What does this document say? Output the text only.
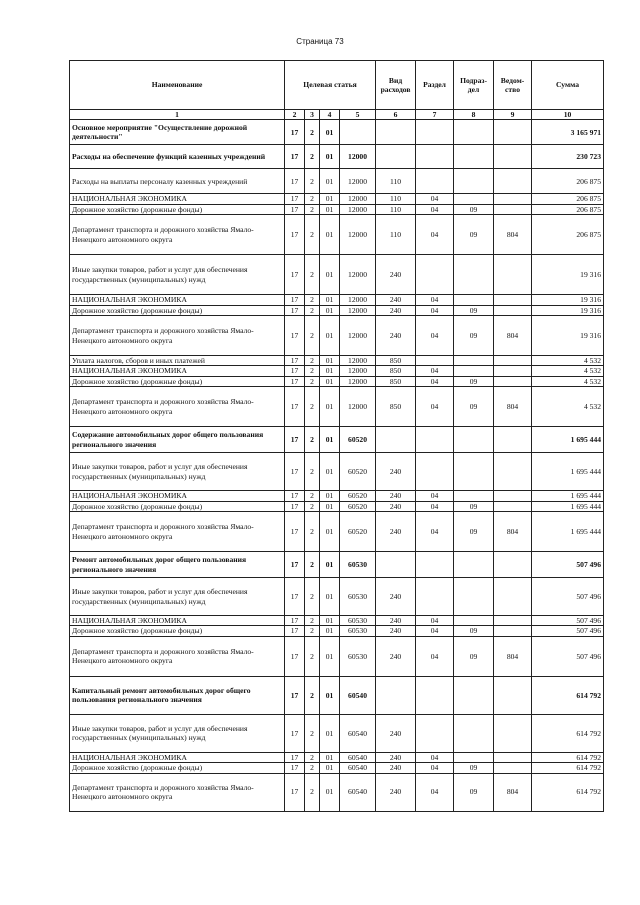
Страница 73
Наименование	Целевая статья				Вид расходов	Раздел	Подраз-дел	Ведом-ство	Сумма
1	2	3	4	5	6	7	8	9	10
Основное мероприятие "Осуществление дорожной деятельности"	17	2	01						3 165 971
Расходы на обеспечение функций казенных учреждений	17	2	01	12000					230 723
Расходы на выплаты персоналу казенных учреждений	17	2	01	12000	110				206 875
НАЦИОНАЛЬНАЯ ЭКОНОМИКА	17	2	01	12000	110	04			206 875
Дорожное хозяйство (дорожные фонды)	17	2	01	12000	110	04	09		206 875
Департамент транспорта и дорожного хозяйства Ямало-Ненецкого автономного округа	17	2	01	12000	110	04	09	804	206 875
Иные закупки товаров, работ и услуг для обеспечения государственных (муниципальных) нужд	17	2	01	12000	240				19 316
НАЦИОНАЛЬНАЯ ЭКОНОМИКА	17	2	01	12000	240	04			19 316
Дорожное хозяйство (дорожные фонды)	17	2	01	12000	240	04	09		19 316
Департамент транспорта и дорожного хозяйства Ямало-Ненецкого автономного округа	17	2	01	12000	240	04	09	804	19 316
Уплата налогов, сборов и иных платежей	17	2	01	12000	850				4 532
НАЦИОНАЛЬНАЯ ЭКОНОМИКА	17	2	01	12000	850	04			4 532
Дорожное хозяйство (дорожные фонды)	17	2	01	12000	850	04	09		4 532
Департамент транспорта и дорожного хозяйства Ямало-Ненецкого автономного округа	17	2	01	12000	850	04	09	804	4 532
Содержание автомобильных дорог общего пользования регионального значения	17	2	01	60520					1 695 444
Иные закупки товаров, работ и услуг для обеспечения государственных (муниципальных) нужд	17	2	01	60520	240				1 695 444
НАЦИОНАЛЬНАЯ ЭКОНОМИКА	17	2	01	60520	240	04			1 695 444
Дорожное хозяйство (дорожные фонды)	17	2	01	60520	240	04	09		1 695 444
Департамент транспорта и дорожного хозяйства Ямало-Ненецкого автономного округа	17	2	01	60520	240	04	09	804	1 695 444
Ремонт автомобильных дорог общего пользования регионального значения	17	2	01	60530					507 496
Иные закупки товаров, работ и услуг для обеспечения государственных (муниципальных) нужд	17	2	01	60530	240				507 496
НАЦИОНАЛЬНАЯ ЭКОНОМИКА	17	2	01	60530	240	04			507 496
Дорожное хозяйство (дорожные фонды)	17	2	01	60530	240	04	09		507 496
Департамент транспорта и дорожного хозяйства Ямало-Ненецкого автономного округа	17	2	01	60530	240	04	09	804	507 496
Капитальный ремонт автомобильных дорог общего пользования регионального значения	17	2	01	60540					614 792
Иные закупки товаров, работ и услуг для обеспечения государственных (муниципальных) нужд	17	2	01	60540	240				614 792
НАЦИОНАЛЬНАЯ ЭКОНОМИКА	17	2	01	60540	240	04			614 792
Дорожное хозяйство (дорожные фонды)	17	2	01	60540	240	04	09		614 792
Департамент транспорта и дорожного хозяйства Ямало-Ненецкого автономного округа	17	2	01	60540	240	04	09	804	614 792
